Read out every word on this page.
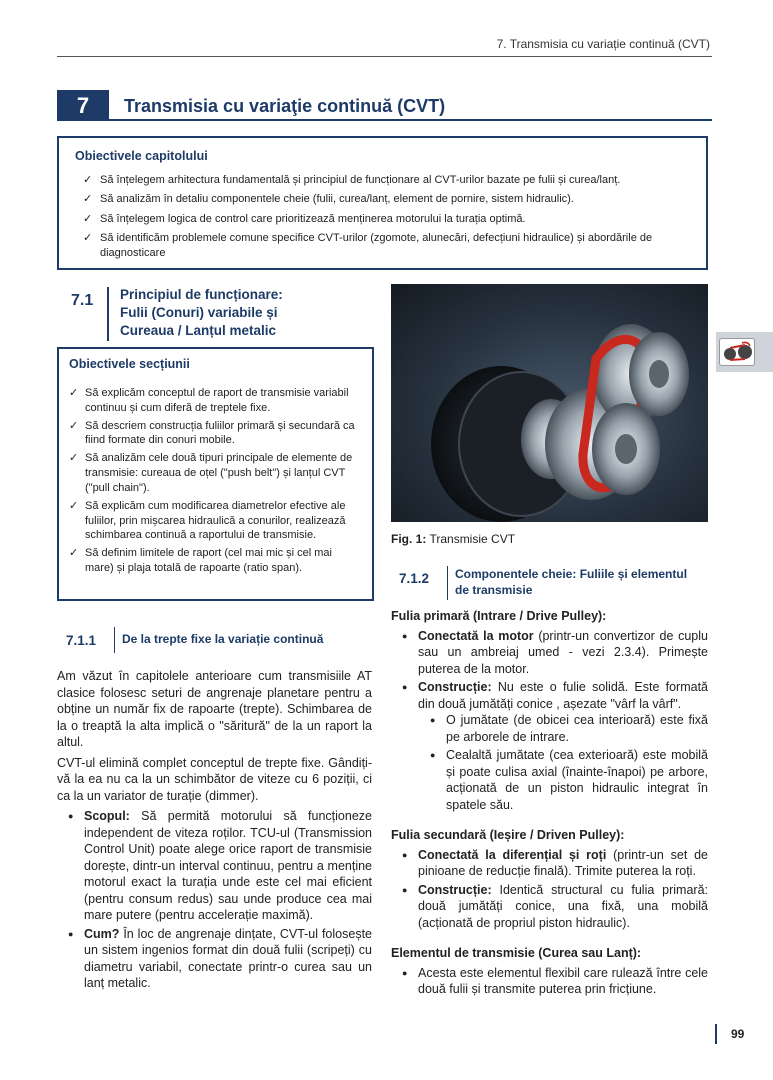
7. Transmisia cu variație continuă (CVT)
7	Transmisia cu variaţie continuă (CVT)
Obiectivele capitolului
✓ Să înțelegem arhitectura fundamentală și principiul de funcționare al CVT-urilor bazate pe fulii și curea/lanț.
✓ Să analizăm în detaliu componentele cheie (fulii, curea/lanț, element de pornire, sistem hidraulic).
✓ Să înțelegem logica de control care prioritizează menținerea motorului la turația optimă.
✓ Să identificăm problemele comune specifice CVT-urilor (zgomote, alunecări, defecțiuni hidraulice) și abordările de diagnosticare
7.1 Principiul de funcționare:
Fulii (Conuri) variabile și
Cureaua / Lanțul metalic
Obiectivele secțiunii
✓ Să explicăm conceptul de raport de transmisie variabil continuu și cum diferă de treptele fixe.
✓ Să descriem construcția fuliilor primară și secundară ca fiind formate din conuri mobile.
✓ Să analizăm cele două tipuri principale de elemente de transmisie: cureaua de oțel ("push belt") și lanțul CVT ("pull chain").
✓ Să explicăm cum modificarea diametrelor efective ale fuliilor, prin mișcarea hidraulică a conurilor, realizează schimbarea continuă a raportului de transmisie.
✓ Să definim limitele de raport (cel mai mic și cel mai mare) și plaja totală de rapoarte (ratio span).
7.1.1 De la trepte fixe la variație continuă

Am văzut în capitolele anterioare cum transmisiile AT clasice folosesc seturi de angrenaje planetare pentru a obține un număr fix de rapoarte (trepte). Schimbarea de la o treaptă la alta implică o "săritură" de la un raport la altul.

CVT-ul elimină complet conceptul de trepte fixe. Gândiți-vă la ea nu ca la un schimbător de viteze cu 6 poziții, ci ca la un variator de turație (dimmer).

● Scopul: Să permită motorului să funcționeze independent de viteza roților. TCU-ul (Transmission Control Unit) poate alege orice raport de transmisie dorește, dintr-un interval continuu, pentru a menține motorul exact la turația unde este cel mai eficient (pentru consum redus) sau unde produce cea mai mare putere (pentru accelerație maximă).
● Cum? În loc de angrenaje dințate, CVT-ul folosește un sistem ingenios format din două fulii (scripeți) cu diametru variabil, conectate printr-o curea sau un lanț metalic.
Fig. 1: Transmisie CVT
7.1.2 Componentele cheie: Fuliile și elementul
de transmisie
Fulia primară (Intrare / Drive Pulley):
● Conectată la motor (printr-un convertizor de cuplu sau un ambreiaj umed - vezi 2.3.4). Primește puterea de la motor.
● Construcție: Nu este o fulie solidă. Este formată din două jumătăți conice , așezate "vârf la vârf".
● O jumătate (de obicei cea interioară) este fixă pe arborele de intrare.
● Cealaltă jumătate (cea exterioară) este mobilă și poate culisa axial (înainte-înapoi) pe arbore, acționată de un piston hidraulic integrat în spatele său.
Fulia secundară (Ieșire / Driven Pulley):
● Conectată la diferențial și roți (printr-un set de pinioane de reducție finală). Trimite puterea la roți.
● Construcție: Identică structural cu fulia primară: două jumătăți conice, una fixă, una mobilă (acționată de propriul piston hidraulic).
Elementul de transmisie (Cureа sau Lanț):
● Acesta este elementul flexibil care rulează între cele două fulii și transmite puterea prin fricțiune.
99
